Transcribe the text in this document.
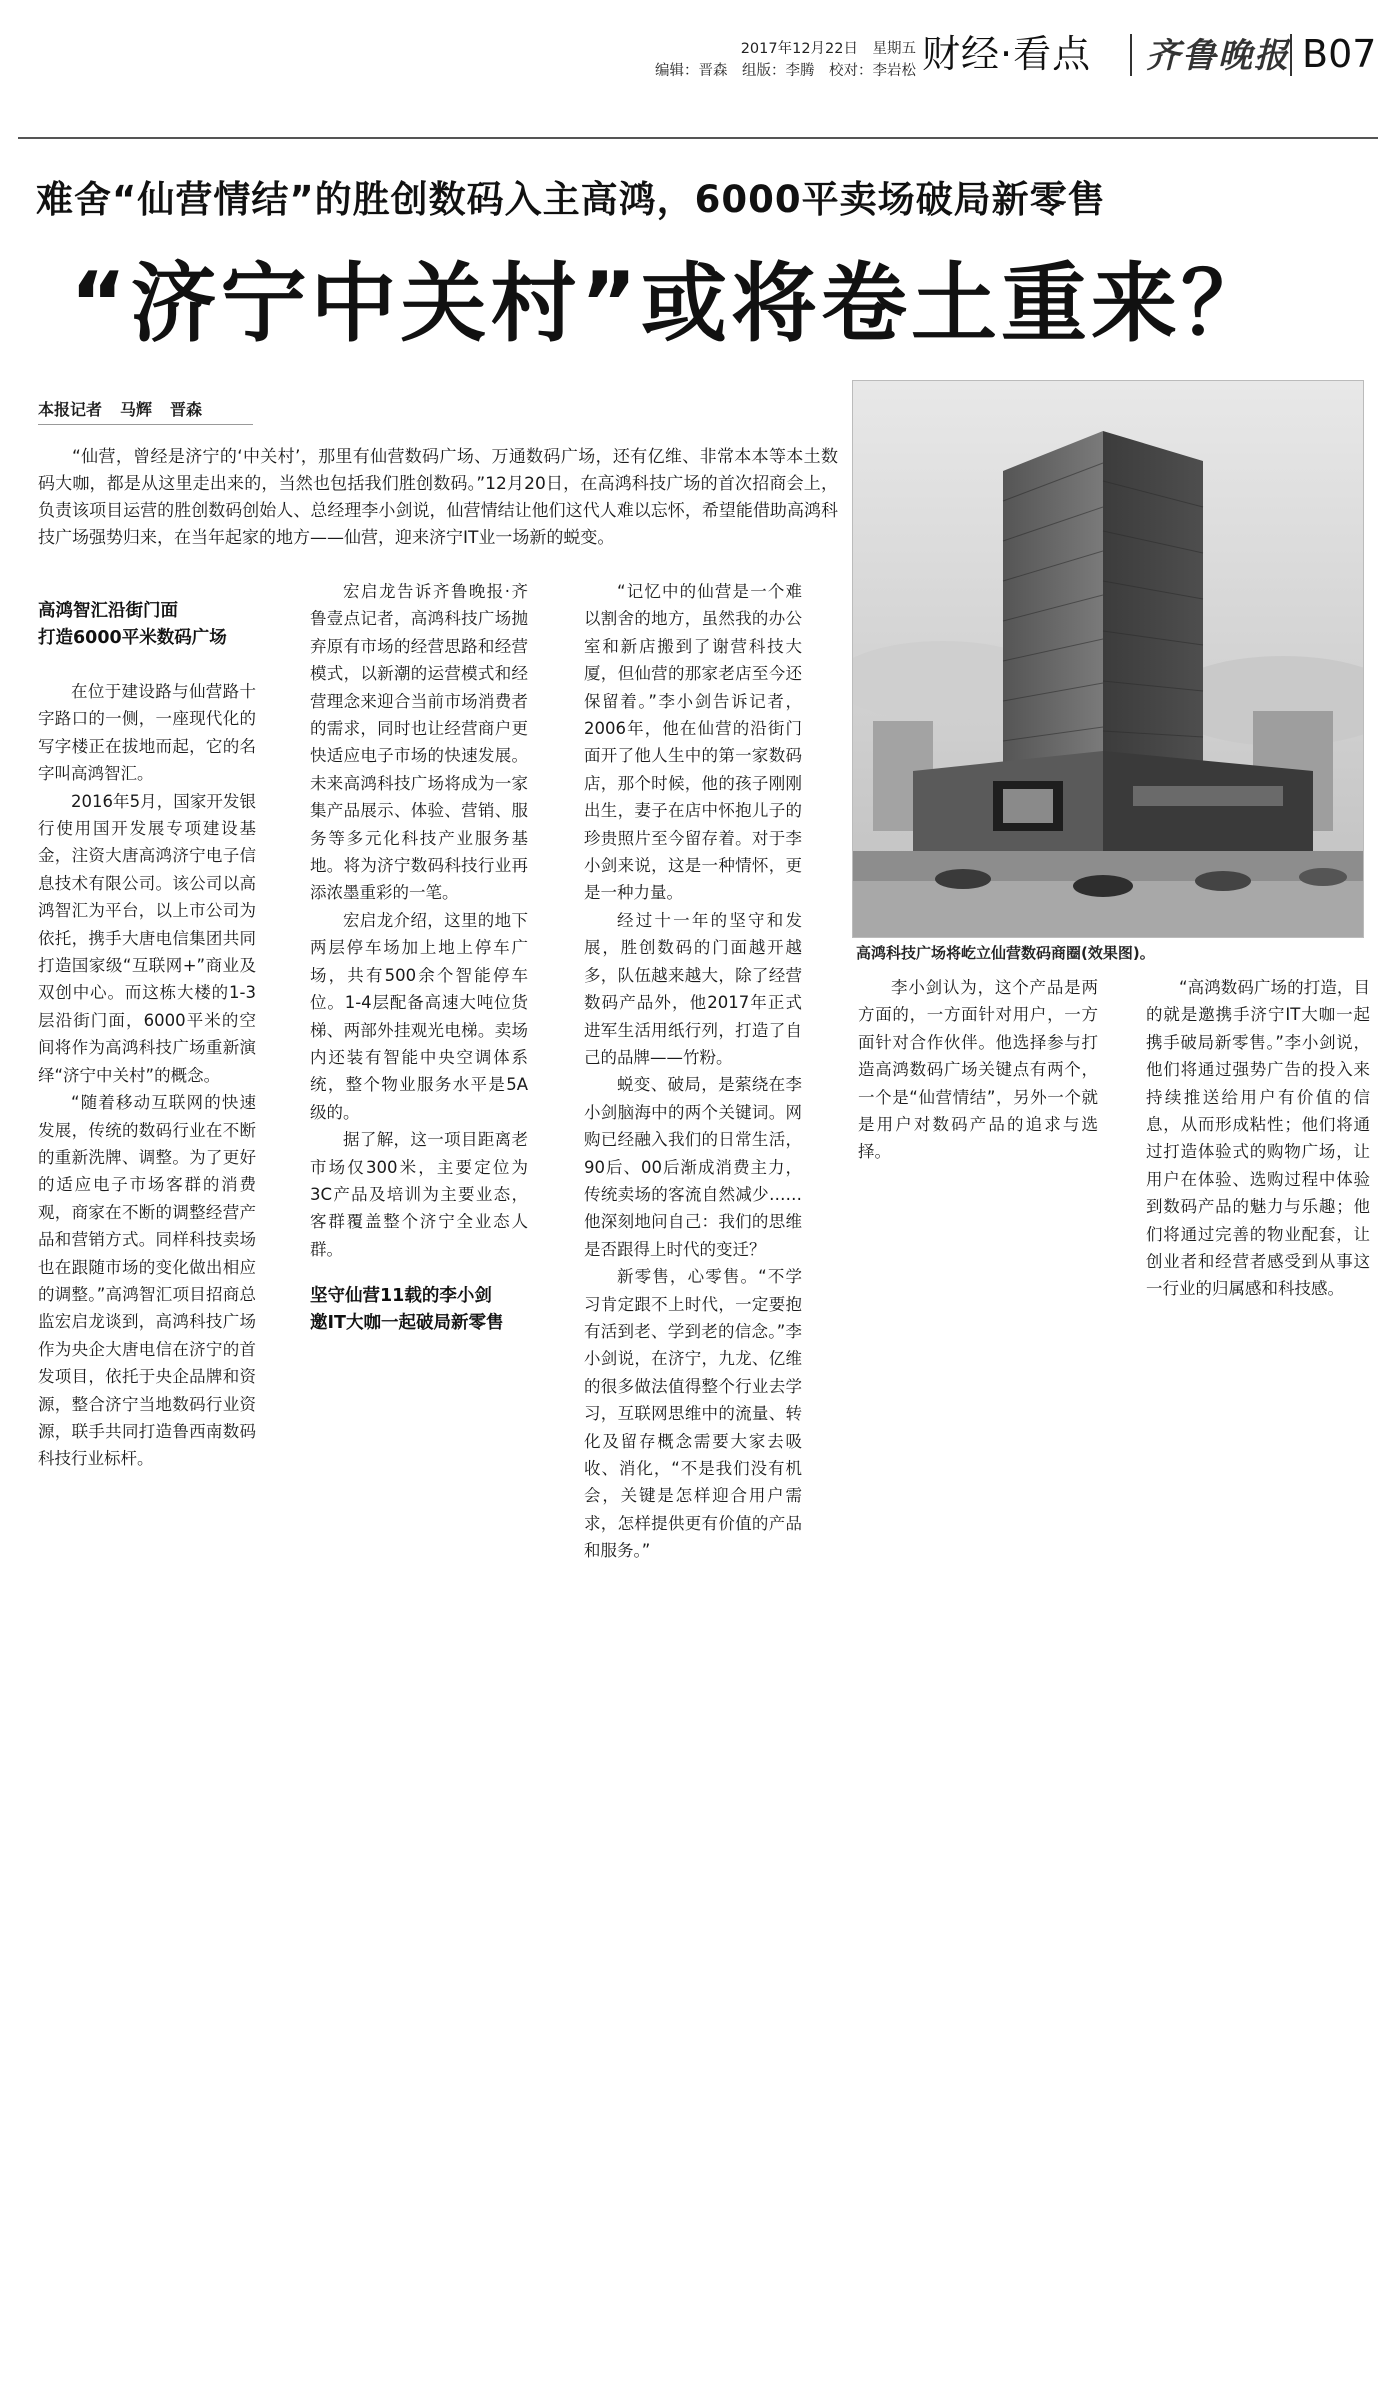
2017年12月22日　星期五
编辑：晋森　组版：李腾　校对：李岩松 财经·看点 齐鲁晚报 B07
难舍“仙营情结”的胜创数码入主高鸿，6000平卖场破局新零售
“济宁中关村”或将卷土重来？
本报记者 马辉 晋森
“仙营，曾经是济宁的‘中关村’，那里有仙营数码广场、万通数码广场，还有亿维、非常本本等本土数码大咖，都是从这里走出来的，当然也包括我们胜创数码。”12月20日，在高鸿科技广场的首次招商会上，负责该项目运营的胜创数码创始人、总经理李小剑说，仙营情结让他们这代人难以忘怀，希望能借助高鸿科技广场强势归来，在当年起家的地方——仙营，迎来济宁IT业一场新的蜕变。
高鸿智汇沿街门面
打造6000平米数码广场

在位于建设路与仙营路十字路口的一侧，一座现代化的写字楼正在拔地而起，它的名字叫高鸿智汇。

2016年5月，国家开发银行使用国开发展专项建设基金，注资大唐高鸿济宁电子信息技术有限公司。该公司以高鸿智汇为平台，以上市公司为依托，携手大唐电信集团共同打造国家级“互联网+”商业及双创中心。而这栋大楼的1-3层沿街门面，6000平米的空间将作为高鸿科技广场重新演绎“济宁中关村”的概念。

“随着移动互联网的快速发展，传统的数码行业在不断的重新洗牌、调整。为了更好的适应电子市场客群的消费观，商家在不断的调整经营产品和营销方式。同样科技卖场也在跟随市场的变化做出相应的调整。”高鸿智汇项目招商总监宏启龙谈到，高鸿科技广场作为央企大唐电信在济宁的首发项目，依托于央企品牌和资源，整合济宁当地数码行业资源，联手共同打造鲁西南数码科技行业标杆。

宏启龙告诉齐鲁晚报·齐鲁壹点记者，高鸿科技广场抛弃原有市场的经营思路和经营模式，以新潮的运营模式和经营理念来迎合当前市场消费者的需求，同时也让经营商户更快适应电子市场的快速发展。未来高鸿科技广场将成为一家集产品展示、体验、营销、服务等多元化科技产业服务基地。将为济宁数码科技行业再添浓墨重彩的一笔。

宏启龙介绍，这里的地下两层停车场加上地上停车广场，共有500余个智能停车位。1-4层配备高速大吨位货梯、两部外挂观光电梯。卖场内还装有智能中央空调体系统，整个物业服务水平是5A级的。

据了解，这一项目距离老市场仅300米，主要定位为3C产品及培训为主要业态，客群覆盖整个济宁全业态人群。

坚守仙营11载的李小剑
邀IT大咖一起破局新零售

“记忆中的仙营是一个难以割舍的地方，虽然我的办公室和新店搬到了谢营科技大厦，但仙营的那家老店至今还保留着。”李小剑告诉记者，2006年，他在仙营的沿街门面开了他人生中的第一家数码店，那个时候，他的孩子刚刚出生，妻子在店中怀抱儿子的珍贵照片至今留存着。对于李小剑来说，这是一种情怀，更是一种力量。

经过十一年的坚守和发展，胜创数码的门面越开越多，队伍越来越大，除了经营数码产品外，他2017年正式进军生活用纸行列，打造了自己的品牌——竹粉。

蜕变、破局，是萦绕在李小剑脑海中的两个关键词。网购已经融入我们的日常生活，90后、00后渐成消费主力，传统卖场的客流自然减少……他深刻地问自己：我们的思维是否跟得上时代的变迁？

新零售，心零售。“不学习肯定跟不上时代，一定要抱有活到老、学到老的信念。”李小剑说，在济宁，九龙、亿维的很多做法值得整个行业去学习，互联网思维中的流量、转化及留存概念需要大家去吸收、消化，“不是我们没有机会，关键是怎样迎合用户需求，怎样提供更有价值的产品和服务。”

高鸿科技广场将屹立仙营数码商圈(效果图)。

李小剑认为，这个产品是两方面的，一方面针对用户，一方面针对合作伙伴。他选择参与打造高鸿数码广场关键点有两个，一个是“仙营情结”，另外一个就是用户对数码产品的追求与选择。

“高鸿数码广场的打造，目的就是邀携手济宁IT大咖一起携手破局新零售。”李小剑说，他们将通过强势广告的投入来持续推送给用户有价值的信息，从而形成粘性；他们将通过打造体验式的购物广场，让用户在体验、选购过程中体验到数码产品的魅力与乐趣；他们将通过完善的物业配套，让创业者和经营者感受到从事这一行业的归属感和科技感。
